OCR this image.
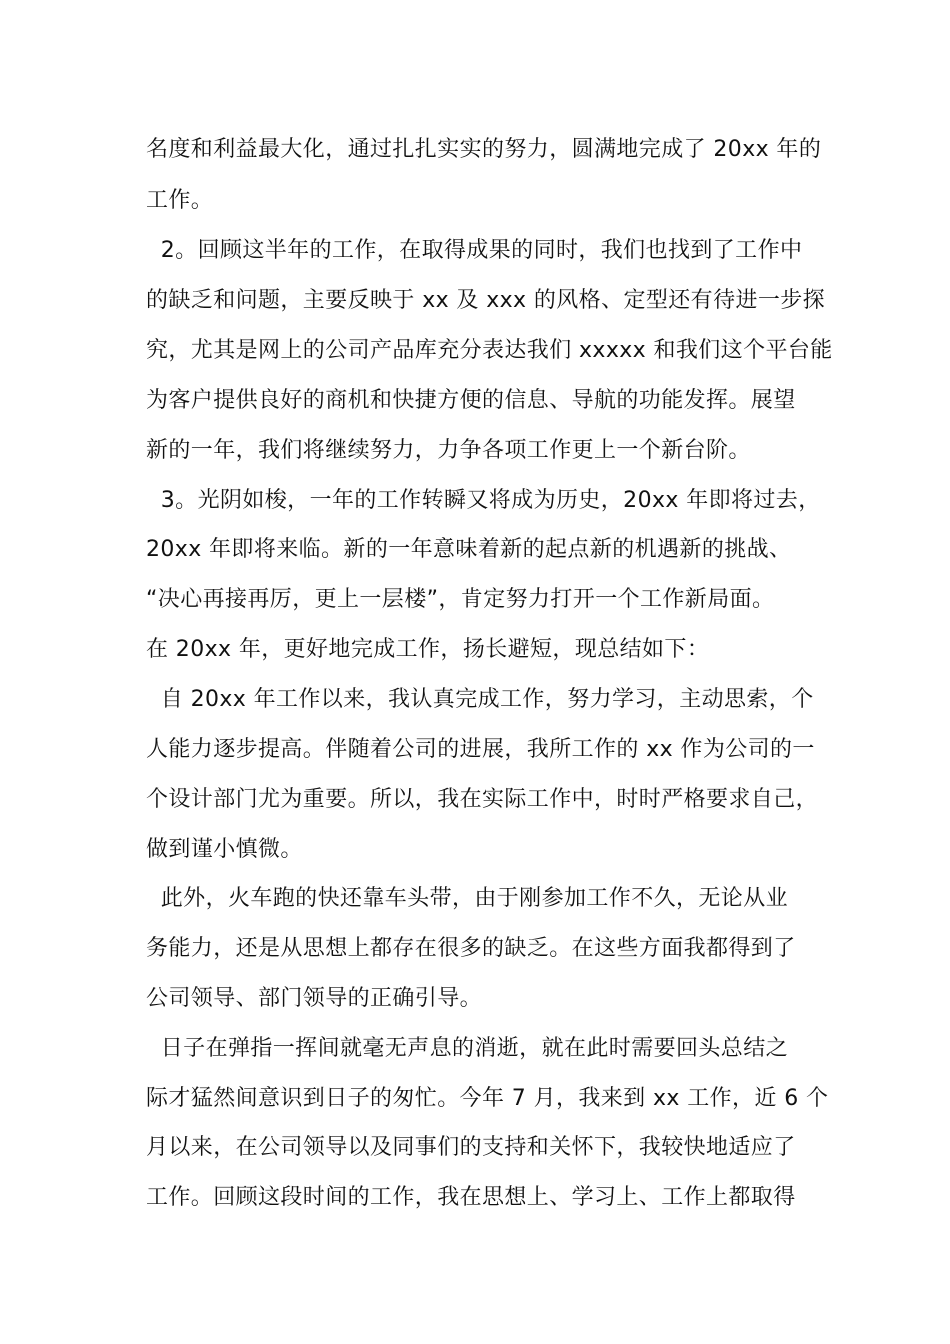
名度和利益最大化，通过扎扎实实的努力，圆满地完成了 20xx 年的
工作。
2。回顾这半年的工作，在取得成果的同时，我们也找到了工作中
的缺乏和问题，主要反映于 xx 及 xxx 的风格、定型还有待进一步探
究，尤其是网上的公司产品库充分表达我们 xxxxx 和我们这个平台能
为客户提供良好的商机和快捷方便的信息、导航的功能发挥。展望
新的一年，我们将继续努力，力争各项工作更上一个新台阶。
3。光阴如梭，一年的工作转瞬又将成为历史，20xx 年即将过去，
20xx 年即将来临。新的一年意味着新的起点新的机遇新的挑战、
“决心再接再厉，更上一层楼”，肯定努力打开一个工作新局面。
在 20xx 年，更好地完成工作，扬长避短，现总结如下：
自 20xx 年工作以来，我认真完成工作，努力学习，主动思索，个
人能力逐步提高。伴随着公司的进展，我所工作的 xx 作为公司的一
个设计部门尤为重要。所以，我在实际工作中，时时严格要求自己，
做到谨小慎微。
此外，火车跑的快还靠车头带，由于刚参加工作不久，无论从业
务能力，还是从思想上都存在很多的缺乏。在这些方面我都得到了
公司领导、部门领导的正确引导。
日子在弹指一挥间就毫无声息的消逝，就在此时需要回头总结之
际才猛然间意识到日子的匆忙。今年 7 月，我来到 xx 工作，近 6 个
月以来，在公司领导以及同事们的支持和关怀下，我较快地适应了
工作。回顾这段时间的工作，我在思想上、学习上、工作上都取得
